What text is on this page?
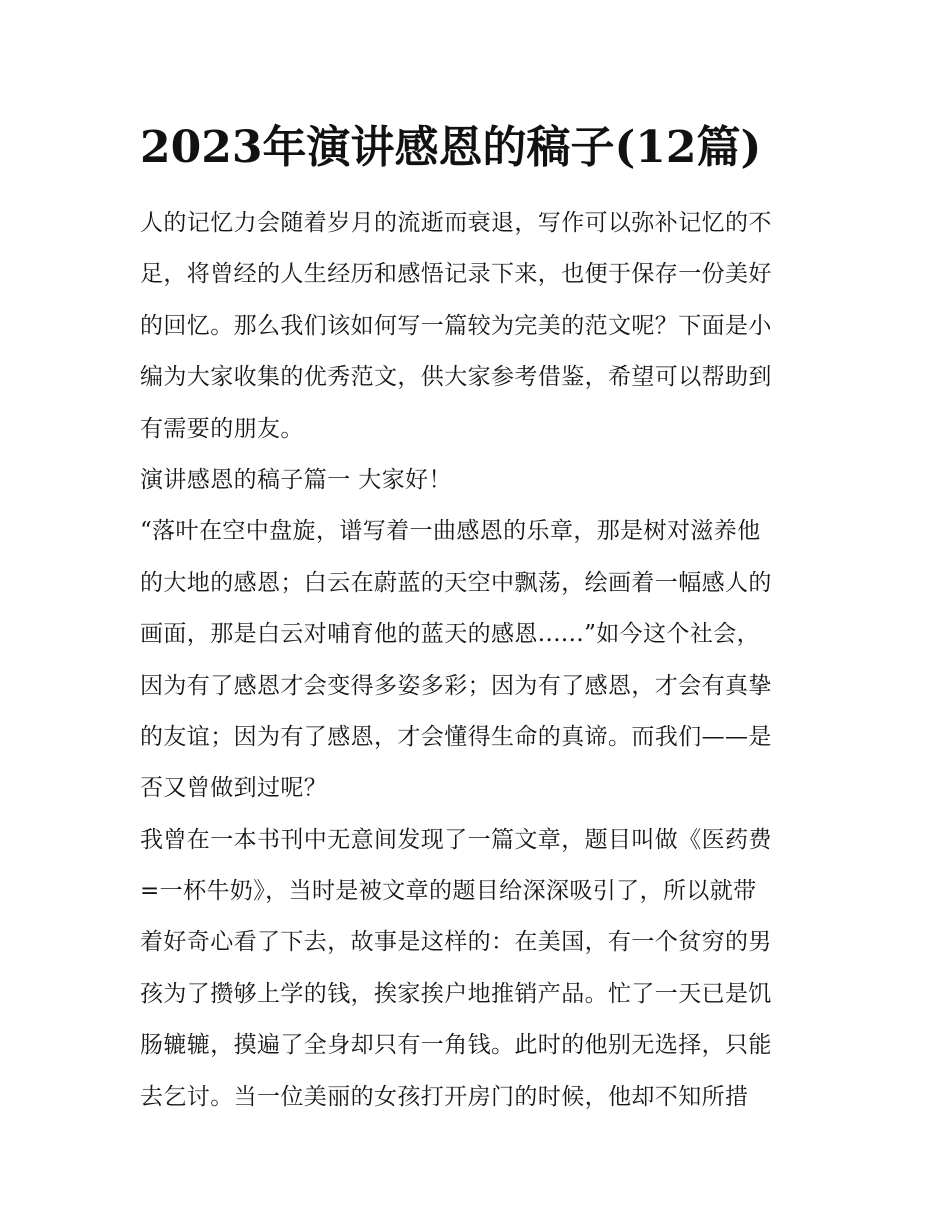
2023年演讲感恩的稿子(12篇)
人的记忆力会随着岁月的流逝而衰退，写作可以弥补记忆的不
足，将曾经的人生经历和感悟记录下来，也便于保存一份美好
的回忆。那么我们该如何写一篇较为完美的范文呢？下面是小
编为大家收集的优秀范文，供大家参考借鉴，希望可以帮助到
有需要的朋友。
演讲感恩的稿子篇一 大家好！
“落叶在空中盘旋，谱写着一曲感恩的乐章，那是树对滋养他
的大地的感恩；白云在蔚蓝的天空中飘荡，绘画着一幅感人的
画面，那是白云对哺育他的蓝天的感恩......”如今这个社会，
因为有了感恩才会变得多姿多彩；因为有了感恩，才会有真挚
的友谊；因为有了感恩，才会懂得生命的真谛。而我们——是
否又曾做到过呢？
我曾在一本书刊中无意间发现了一篇文章，题目叫做《医药费
=一杯牛奶》，当时是被文章的题目给深深吸引了，所以就带
着好奇心看了下去，故事是这样的：在美国，有一个贫穷的男
孩为了攒够上学的钱，挨家挨户地推销产品。忙了一天已是饥
肠辘辘，摸遍了全身却只有一角钱。此时的他别无选择，只能
去乞讨。当一位美丽的女孩打开房门的时候，他却不知所措
